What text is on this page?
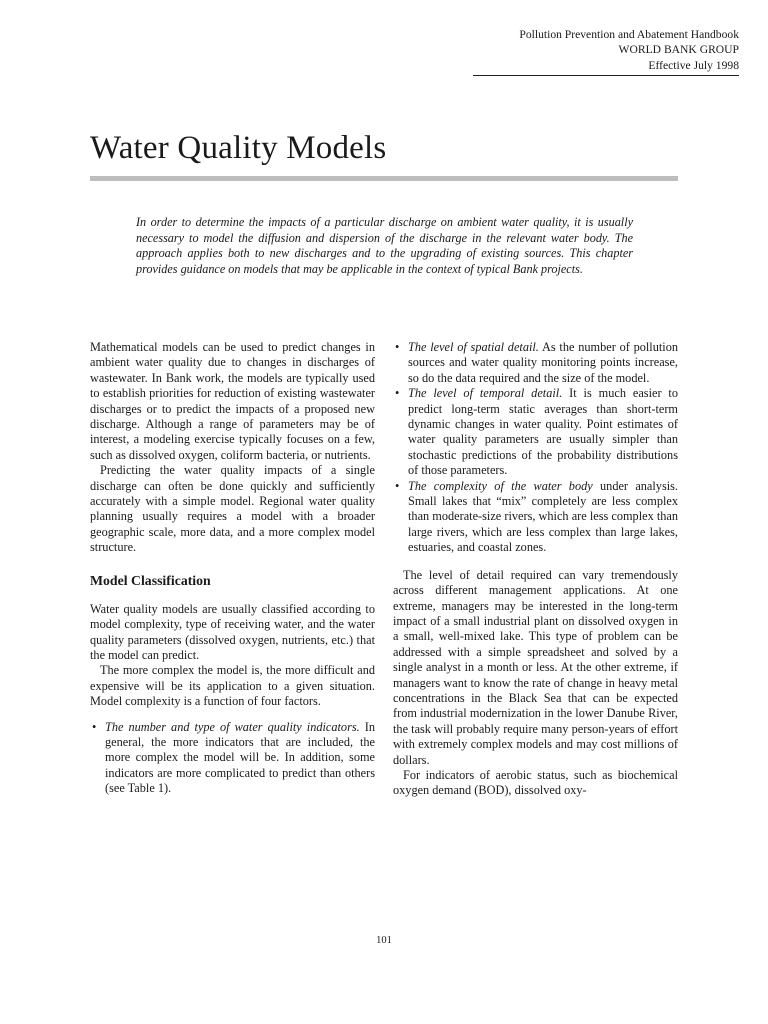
Pollution Prevention and Abatement Handbook
WORLD BANK GROUP
Effective July 1998
Water Quality Models

In order to determine the impacts of a particular discharge on ambient water quality, it is usually necessary to model the diffusion and dispersion of the discharge in the relevant water body. The approach applies both to new discharges and to the upgrading of existing sources. This chapter provides guidance on models that may be applicable in the context of typical Bank projects.

Mathematical models can be used to predict changes in ambient water quality due to changes in discharges of wastewater. In Bank work, the models are typically used to establish priorities for reduction of existing wastewater discharges or to predict the impacts of a proposed new discharge. Although a range of parameters may be of interest, a modeling exercise typically focuses on a few, such as dissolved oxygen, coliform bacteria, or nutrients.

Predicting the water quality impacts of a single discharge can often be done quickly and sufficiently accurately with a simple model. Regional water quality planning usually requires a model with a broader geographic scale, more data, and a more complex model structure.

Model Classification

Water quality models are usually classified according to model complexity, type of receiving water, and the water quality parameters (dissolved oxygen, nutrients, etc.) that the model can predict.

The more complex the model is, the more difficult and expensive will be its application to a given situation. Model complexity is a function of four factors.

• The number and type of water quality indicators. In general, the more indicators that are included, the more complex the model will be. In addition, some indicators are more complicated to predict than others (see Table 1).
• The level of spatial detail. As the number of pollution sources and water quality monitoring points increase, so do the data required and the size of the model.
• The level of temporal detail. It is much easier to predict long-term static averages than short-term dynamic changes in water quality. Point estimates of water quality parameters are usually simpler than stochastic predictions of the probability distributions of those parameters.
• The complexity of the water body under analysis. Small lakes that “mix” completely are less complex than moderate-size rivers, which are less complex than large rivers, which are less complex than large lakes, estuaries, and coastal zones.

The level of detail required can vary tremendously across different management applications. At one extreme, managers may be interested in the long-term impact of a small industrial plant on dissolved oxygen in a small, well-mixed lake. This type of problem can be addressed with a simple spreadsheet and solved by a single analyst in a month or less. At the other extreme, if managers want to know the rate of change in heavy metal concentrations in the Black Sea that can be expected from industrial modernization in the lower Danube River, the task will probably require many person-years of effort with extremely complex models and may cost millions of dollars.

For indicators of aerobic status, such as biochemical oxygen demand (BOD), dissolved oxy-

101
